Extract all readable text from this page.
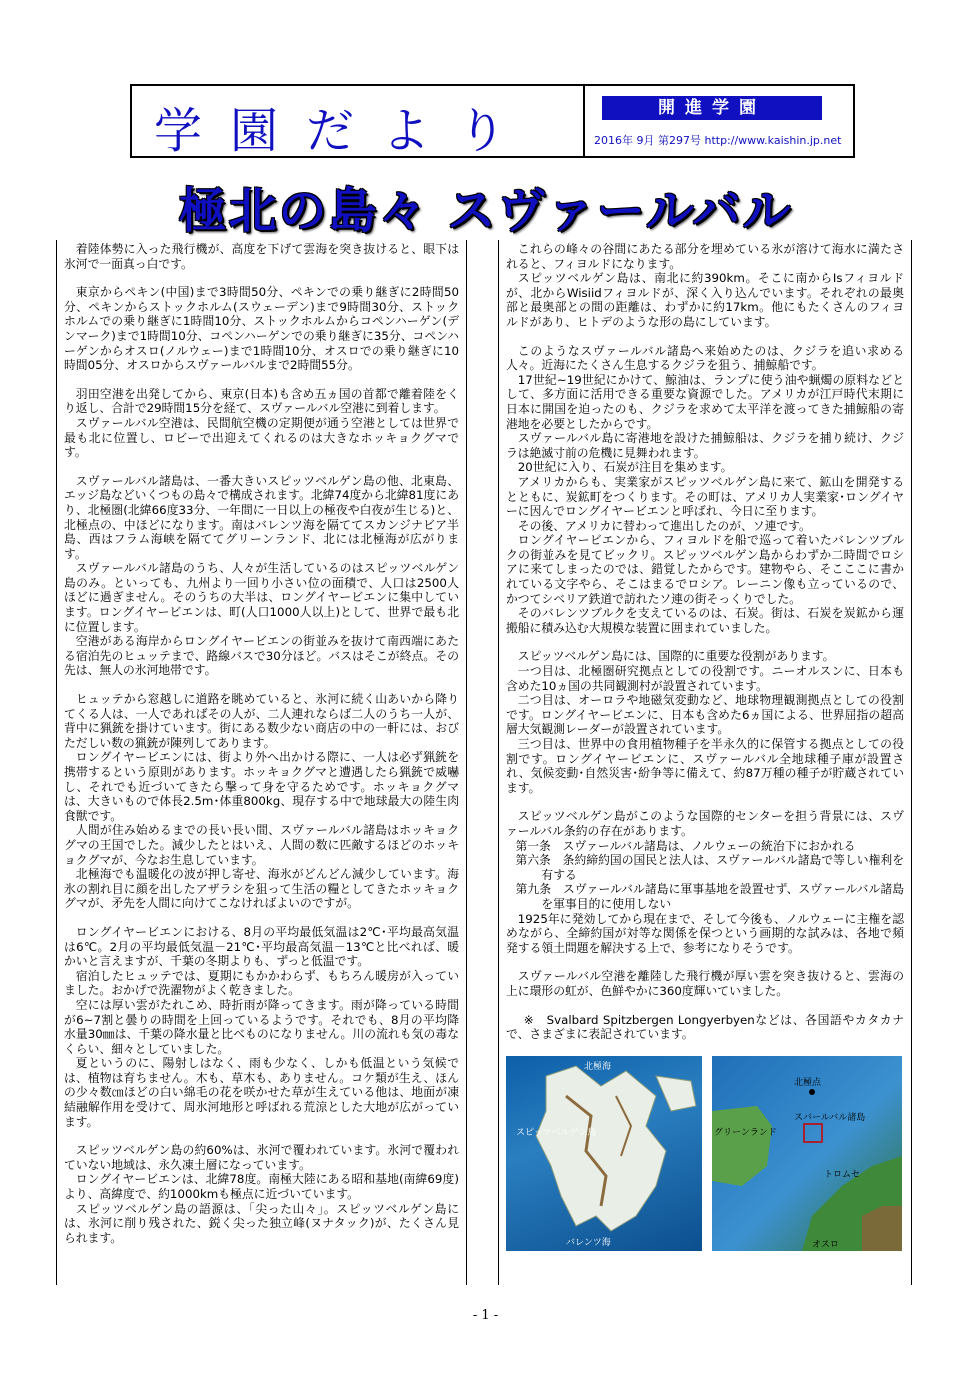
学園だより	開進学園
2016年 9月 第297号 http://www.kaishin.jp.net
極北の島々 スヴァールバル

着陸体勢に入った飛行機が、高度を下げて雲海を突き抜けると、眼下は氷河で一面真っ白です。

東京からペキン(中国)まで3時間50分、ペキンでの乗り継ぎに2時間50分、ペキンからストックホルム(スウェーデン)まで9時間30分、ストックホルムでの乗り継ぎに1時間10分、ストックホルムからコペンハーゲン(デンマーク)まで1時間10分、コペンハーゲンでの乗り継ぎに35分、コペンハーゲンからオスロ(ノルウェー)まで1時間10分、オスロでの乗り継ぎに10時間05分、オスロからスヴァールバルまで2時間55分。

羽田空港を出発してから、東京(日本)も含め五ヵ国の首都で離着陸をくり返し、合計で29時間15分を経て、スヴァールバル空港に到着します。

スヴァールバル空港は、民間航空機の定期便が通う空港としては世界で最も北に位置し、ロビーで出迎えてくれるのは大きなホッキョクグマです。

スヴァールバル諸島は、一番大きいスピッツベルゲン島の他、北東島、エッジ島などいくつもの島々で構成されます。北緯74度から北緯81度にあり、北極圏(北緯66度33分、一年間に一日以上の極夜や白夜が生じる)と、北極点の、中ほどになります。南はバレンツ海を隔ててスカンジナビア半島、西はフラム海峡を隔ててグリーンランド、北には北極海が広がります。

スヴァールバル諸島のうち、人々が生活しているのはスピッツベルゲン島のみ。といっても、九州より一回り小さい位の面積で、人口は2500人ほどに過ぎません。そのうちの大半は、ロングイヤービエンに集中しています。ロングイヤービエンは、町(人口1000人以上)として、世界で最も北に位置します。

空港がある海岸からロングイヤービエンの街並みを抜けて南西端にあたる宿泊先のヒュッテまで、路線バスで30分ほど。バスはそこが終点。その先は、無人の氷河地帯です。

ヒュッテから窓越しに道路を眺めていると、氷河に続く山あいから降りてくる人は、一人であればその人が、二人連れならば二人のうち一人が、背中に猟銃を掛けています。街にある数少ない商店の中の一軒には、おびただしい数の猟銃が陳列してあります。

ロングイヤービエンには、街より外へ出かける際に、一人は必ず猟銃を携帯するという原則があります。ホッキョクグマと遭遇したら猟銃で威嚇し、それでも近づいてきたら撃って身を守るためです。ホッキョクグマは、大きいもので体長2.5m･体重800kg、現存する中で地球最大の陸生肉食獣です。

人間が住み始めるまでの長い長い間、スヴァールバル諸島はホッキョクグマの王国でした。減少したとはいえ、人間の数に匹敵するほどのホッキョクグマが、今なお生息しています。

北極海でも温暖化の波が押し寄せ、海氷がどんどん減少しています。海氷の割れ目に顔を出したアザラシを狙って生活の糧としてきたホッキョクグマが、矛先を人間に向けてこなければよいのですが。

ロングイヤービエンにおける、8月の平均最低気温は2℃･平均最高気温は6℃。2月の平均最低気温－21℃･平均最高気温－13℃と比べれば、暖かいと言えますが、千葉の冬期よりも、ずっと低温です。

宿泊したヒュッテでは、夏期にもかかわらず、もちろん暖房が入っていました。おかげで洗濯物がよく乾きました。

空には厚い雲がたれこめ、時折雨が降ってきます。雨が降っている時間が6~7割と曇りの時間を上回っているようです。それでも、8月の平均降水量30㎜は、千葉の降水量と比べものになりません。川の流れも気の毒なくらい、細々としていました。

夏というのに、陽射しはなく、雨も少なく、しかも低温という気候では、植物は育ちません。木も、草木も、ありません。コケ類が生え、ほんの少々数㎝ほどの白い綿毛の花を咲かせた草が生えている他は、地面が凍結融解作用を受けて、周氷河地形と呼ばれる荒涼とした大地が広がっています。

スピッツベルゲン島の約60%は、氷河で覆われています。氷河で覆われていない地域は、永久凍土層になっています。

ロングイヤービエンは、北緯78度。南極大陸にある昭和基地(南緯69度)より、高緯度で、約1000kmも極点に近づいています。

スピッツベルゲン島の語源は、「尖った山々」。スピッツベルゲン島には、氷河に削り残された、鋭く尖った独立峰(ヌナタック)が、たくさん見られます。

これらの峰々の谷間にあたる部分を埋めている氷が溶けて海水に満たされると、フィヨルドになります。

スピッツベルゲン島は、南北に約390km。そこに南からIsフィヨルドが、北からWisiidフィヨルドが、深く入り込んでいます。それぞれの最奥部と最奥部との間の距離は、わずかに約17km。他にもたくさんのフィヨルドがあり、ヒトデのような形の島にしています。

このようなスヴァールバル諸島へ来始めたのは、クジラを追い求める人々。近海にたくさん生息するクジラを狙う、捕鯨船です。

17世紀~19世紀にかけて、鯨油は、ランプに使う油や蝋燭の原料などとして、多方面に活用できる重要な資源でした。アメリカが江戸時代末期に日本に開国を迫ったのも、クジラを求めて太平洋を渡ってきた捕鯨船の寄港地を必要としたからです。

スヴァールバル島に寄港地を設けた捕鯨船は、クジラを捕り続け、クジラは絶滅寸前の危機に見舞われます。

20世紀に入り、石炭が注目を集めます。

アメリカからも、実業家がスピッツベルゲン島に来て、鉱山を開発するとともに、炭鉱町をつくります。その町は、アメリカ人実業家･ロングイヤーに因んでロングイヤービエンと呼ばれ、今日に至ります。

その後、アメリカに替わって進出したのが、ソ連です。

ロングイヤービエンから、フィヨルドを船で巡って着いたバレンツブルクの街並みを見てビックリ。スピッツベルゲン島からわずか二時間でロシアに来てしまったのでは、錯覚したからです。建物やら、そこここに書かれている文字やら、そこはまるでロシア。レーニン像も立っているので、かつてシベリア鉄道で訪れたソ連の街そっくりでした。

そのバレンツブルクを支えているのは、石炭。街は、石炭を炭鉱から運搬船に積み込む大規模な装置に囲まれていました。

スピッツベルゲン島には、国際的に重要な役割があります。

一つ目は、北極圏研究拠点としての役割です。ニーオルスンに、日本も含めた10ヵ国の共同観測村が設置されています。

二つ目は、オーロラや地磁気変動など、地球物理観測拠点としての役割です。ロングイヤービエンに、日本も含めた6ヵ国による、世界屈指の超高層大気観測レーダーが設置されています。

三つ目は、世界中の食用植物種子を半永久的に保管する拠点としての役割です。ロングイヤービエンに、スヴァールバル全地球種子庫が設置され、気候変動･自然災害･紛争等に備えて、約87万種の種子が貯蔵されています。

スピッツベルゲン島がこのような国際的センターを担う背景には、スヴァールバル条約の存在があります。

第一条　スヴァールバル諸島は、ノルウェーの統治下におかれる

第六条　条約締約国の国民と法人は、スヴァールバル諸島で等しい権利を有する

第九条　スヴァールバル諸島に軍事基地を設置せず、スヴァールバル諸島を軍事目的に使用しない

1925年に発効してから現在まで、そして今後も、ノルウェーに主権を認めながら、全締約国が対等な関係を保つという画期的な試みは、各地で頻発する領土問題を解決する上で、参考になりそうです。

スヴァールバル空港を離陸した飛行機が厚い雲を突き抜けると、雲海の上に環形の虹が、色鮮やかに360度輝いていました。

※　Svalbard Spitzbergen Longyerbyenなどは、各国語やカタカナで、さまざまに表記されています。

北極海
スピッツベルゲン島
バレンツ海
北極点
スバールバル諸島
グリーンランド
トロムセ
オスロ
- 1 -
